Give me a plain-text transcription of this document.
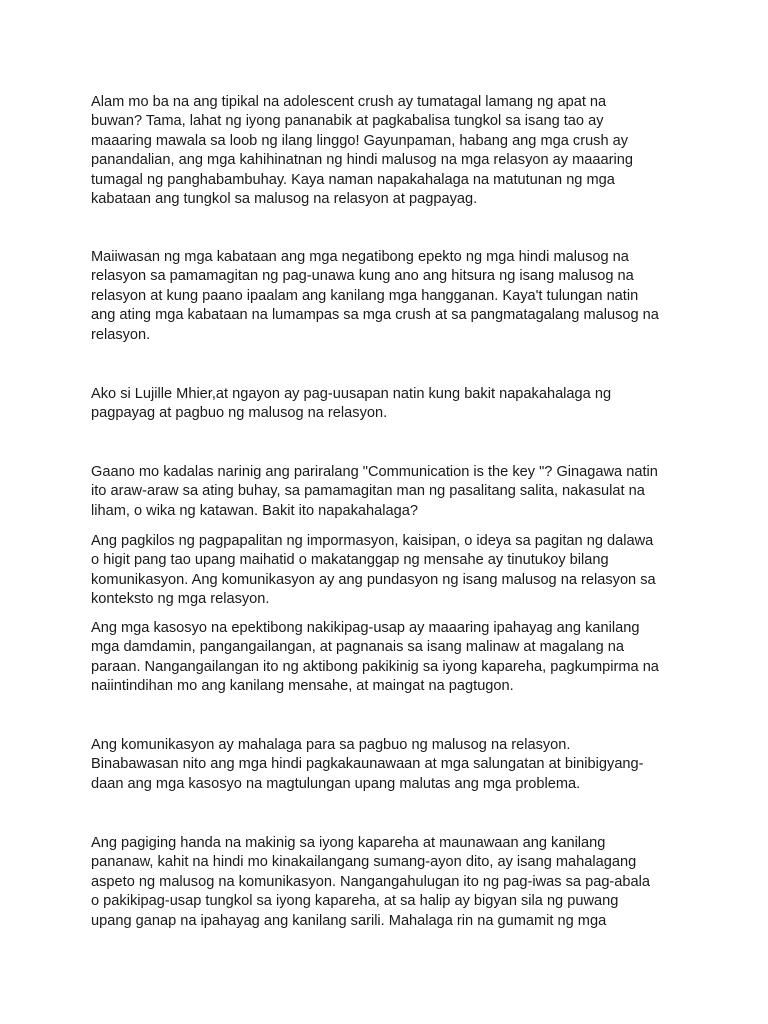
Alam mo ba na ang tipikal na adolescent crush ay tumatagal lamang ng apat na
buwan? Tama, lahat ng iyong pananabik at pagkabalisa tungkol sa isang tao ay
maaaring mawala sa loob ng ilang linggo! Gayunpaman, habang ang mga crush ay
panandalian, ang mga kahihinatnan ng hindi malusog na mga relasyon ay maaaring
tumagal ng panghabambuhay. Kaya naman napakahalaga na matutunan ng mga
kabataan ang tungkol sa malusog na relasyon at pagpayag.

Maiiwasan ng mga kabataan ang mga negatibong epekto ng mga hindi malusog na
relasyon sa pamamagitan ng pag-unawa kung ano ang hitsura ng isang malusog na
relasyon at kung paano ipaalam ang kanilang mga hangganan. Kaya't tulungan natin
ang ating mga kabataan na lumampas sa mga crush at sa pangmatagalang malusog na
relasyon.

Ako si Lujille Mhier,at ngayon ay pag-uusapan natin kung bakit napakahalaga ng
pagpayag at pagbuo ng malusog na relasyon.

Gaano mo kadalas narinig ang pariralang "Communication is the key "? Ginagawa natin
ito araw-araw sa ating buhay, sa pamamagitan man ng pasalitang salita, nakasulat na
liham, o wika ng katawan. Bakit ito napakahalaga?

Ang pagkilos ng pagpapalitan ng impormasyon, kaisipan, o ideya sa pagitan ng dalawa
o higit pang tao upang maihatid o makatanggap ng mensahe ay tinutukoy bilang
komunikasyon. Ang komunikasyon ay ang pundasyon ng isang malusog na relasyon sa
konteksto ng mga relasyon.

Ang mga kasosyo na epektibong nakikipag-usap ay maaaring ipahayag ang kanilang
mga damdamin, pangangailangan, at pagnanais sa isang malinaw at magalang na
paraan. Nangangailangan ito ng aktibong pakikinig sa iyong kapareha, pagkumpirma na
naiintindihan mo ang kanilang mensahe, at maingat na pagtugon.

Ang komunikasyon ay mahalaga para sa pagbuo ng malusog na relasyon.
Binabawasan nito ang mga hindi pagkakaunawaan at mga salungatan at binibigyang-
daan ang mga kasosyo na magtulungan upang malutas ang mga problema.

Ang pagiging handa na makinig sa iyong kapareha at maunawaan ang kanilang
pananaw, kahit na hindi mo kinakailangang sumang-ayon dito, ay isang mahalagang
aspeto ng malusog na komunikasyon. Nangangahulugan ito ng pag-iwas sa pag-abala
o pakikipag-usap tungkol sa iyong kapareha, at sa halip ay bigyan sila ng puwang
upang ganap na ipahayag ang kanilang sarili. Mahalaga rin na gumamit ng mga
